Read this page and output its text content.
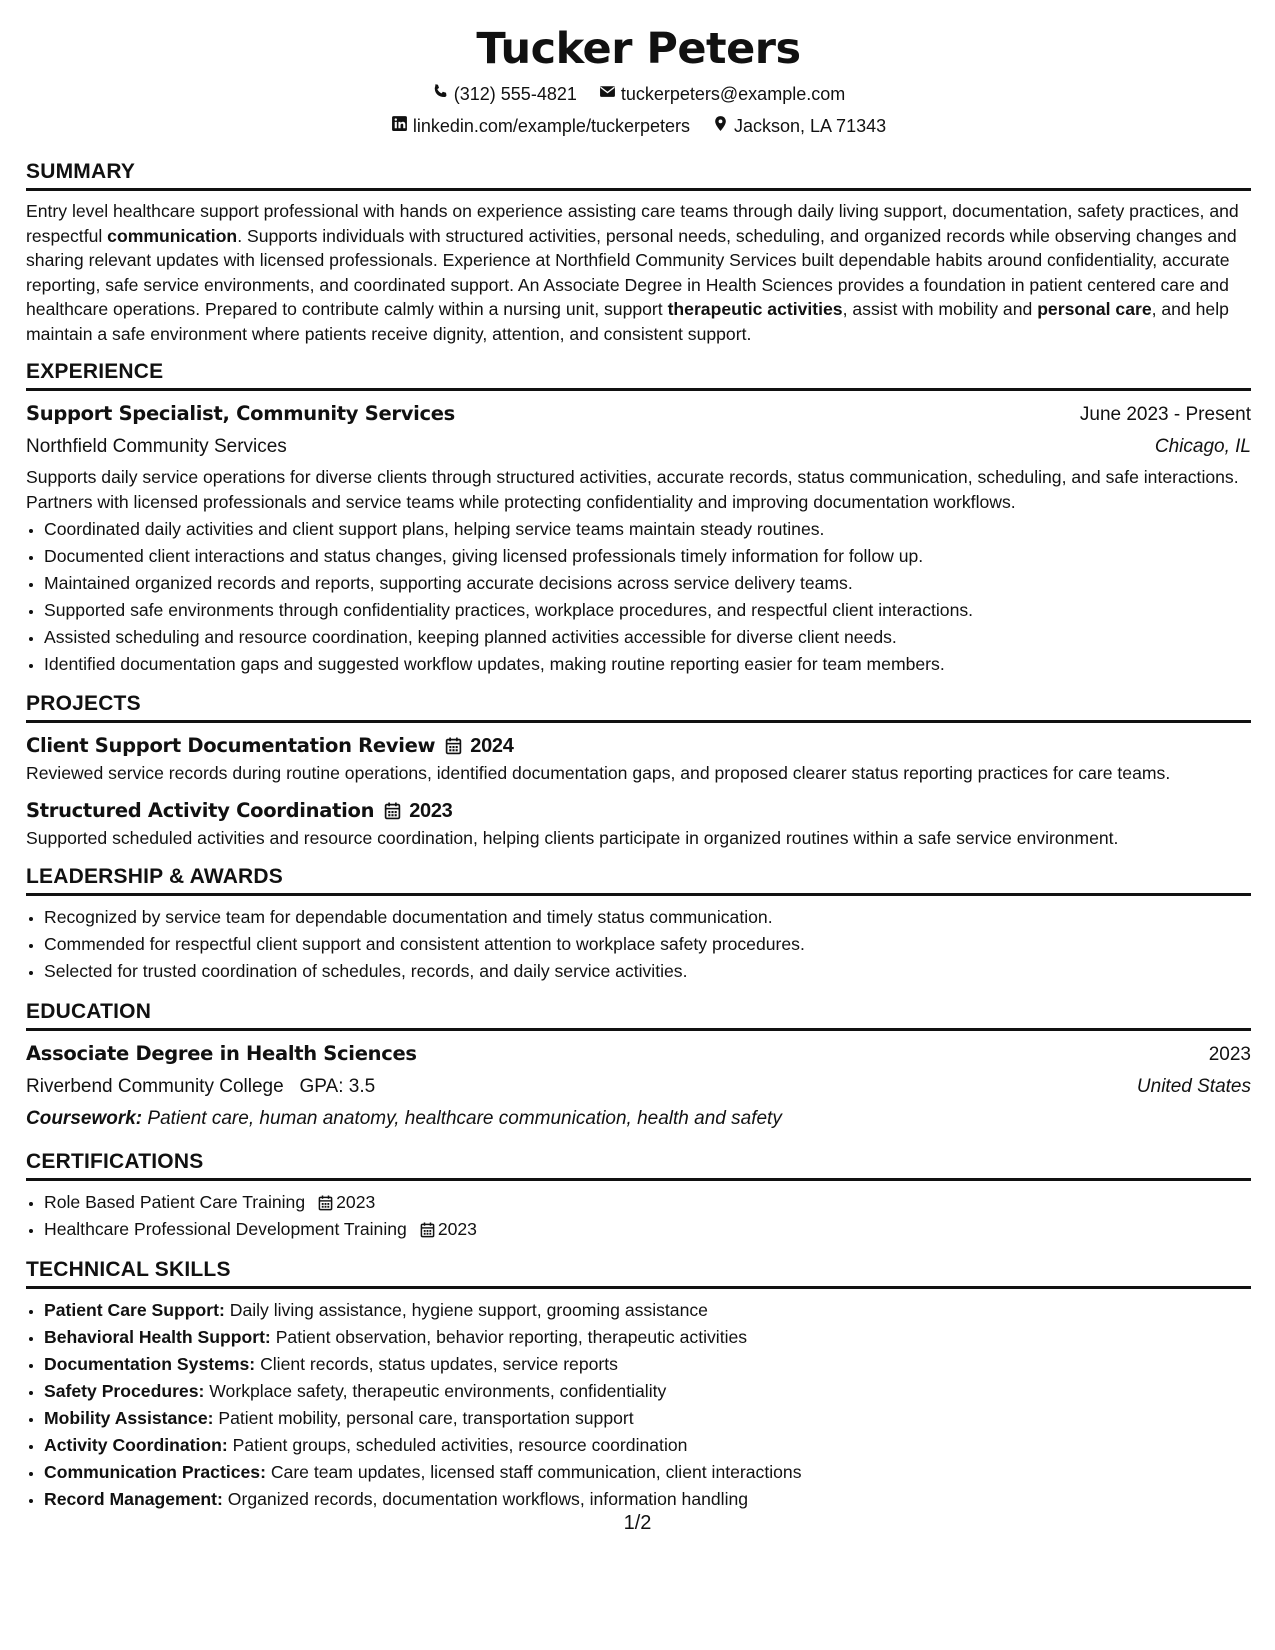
Tucker Peters
(312) 555-4821 tuckerpeters@example.com
linkedin.com/example/tuckerpeters Jackson, LA 71343
SUMMARY

Entry level healthcare support professional with hands on experience assisting care teams through daily living support, documentation, safety practices, and respectful communication. Supports individuals with structured activities, personal needs, scheduling, and organized records while observing changes and sharing relevant updates with licensed professionals. Experience at Northfield Community Services built dependable habits around confidentiality, accurate reporting, safe service environments, and coordinated support. An Associate Degree in Health Sciences provides a foundation in patient centered care and healthcare operations. Prepared to contribute calmly within a nursing unit, support therapeutic activities, assist with mobility and personal care, and help maintain a safe environment where patients receive dignity, attention, and consistent support.

EXPERIENCE
Support Specialist, Community Services	June 2023 - Present
Northfield Community Services	Chicago, IL

Supports daily service operations for diverse clients through structured activities, accurate records, status communication, scheduling, and safe interactions. Partners with licensed professionals and service teams while protecting confidentiality and improving documentation workflows.

• Coordinated daily activities and client support plans, helping service teams maintain steady routines.
• Documented client interactions and status changes, giving licensed professionals timely information for follow up.
• Maintained organized records and reports, supporting accurate decisions across service delivery teams.
• Supported safe environments through confidentiality practices, workplace procedures, and respectful client interactions.
• Assisted scheduling and resource coordination, keeping planned activities accessible for diverse client needs.
• Identified documentation gaps and suggested workflow updates, making routine reporting easier for team members.
PROJECTS
Client Support Documentation Review 2024

Reviewed service records during routine operations, identified documentation gaps, and proposed clearer status reporting practices for care teams.

Structured Activity Coordination 2023

Supported scheduled activities and resource coordination, helping clients participate in organized routines within a safe service environment.

LEADERSHIP & AWARDS
• Recognized by service team for dependable documentation and timely status communication.
• Commended for respectful client support and consistent attention to workplace safety procedures.
• Selected for trusted coordination of schedules, records, and daily service activities.
EDUCATION
Associate Degree in Health Sciences	2023
Riverbend Community College GPA: 3.5	United States
Coursework: Patient care, human anatomy, healthcare communication, health and safety
CERTIFICATIONS
• Role Based Patient Care Training 2023
• Healthcare Professional Development Training 2023
TECHNICAL SKILLS
• Patient Care Support: Daily living assistance, hygiene support, grooming assistance
• Behavioral Health Support: Patient observation, behavior reporting, therapeutic activities
• Documentation Systems: Client records, status updates, service reports
• Safety Procedures: Workplace safety, therapeutic environments, confidentiality
• Mobility Assistance: Patient mobility, personal care, transportation support
• Activity Coordination: Patient groups, scheduled activities, resource coordination
• Communication Practices: Care team updates, licensed staff communication, client interactions
• Record Management: Organized records, documentation workflows, information handling
1/2
